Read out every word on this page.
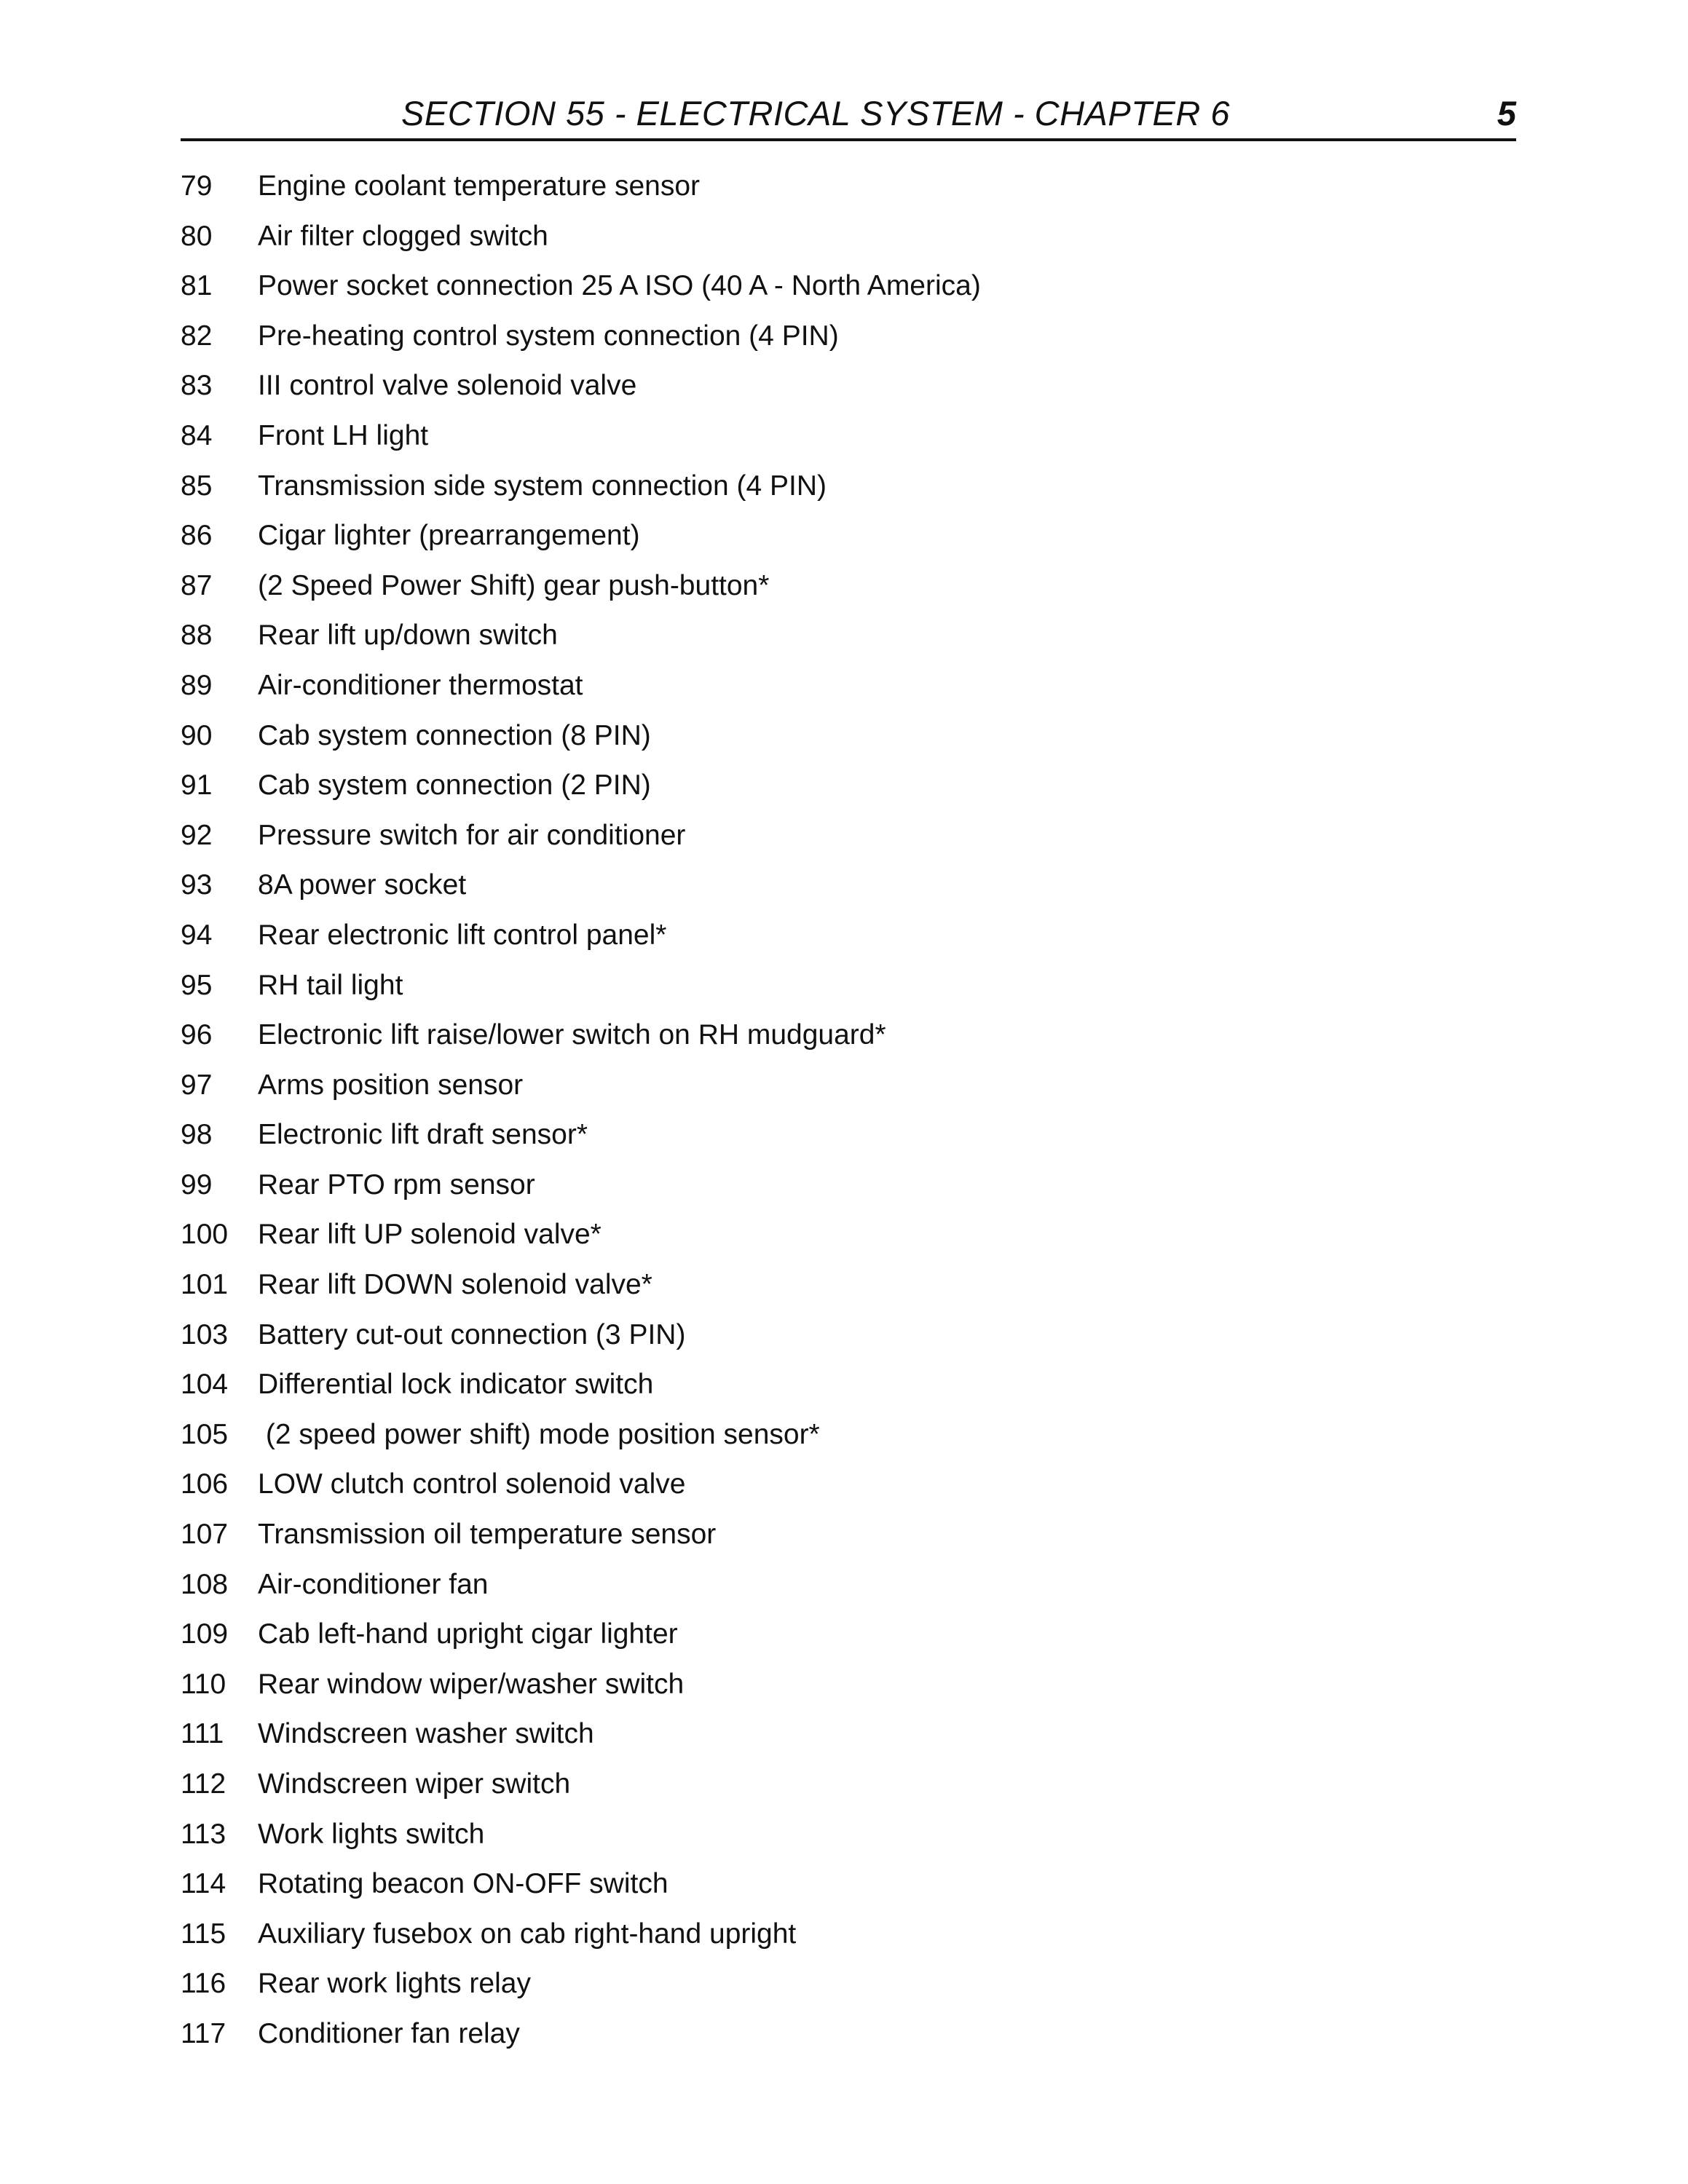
SECTION 55 - ELECTRICAL SYSTEM - CHAPTER 6	5
79	Engine coolant temperature sensor
80	Air filter clogged switch
81	Power socket connection 25 A ISO (40 A - North America)
82	Pre-heating control system connection (4 PIN)
83	III control valve solenoid valve
84	Front LH light
85	Transmission side system connection (4 PIN)
86	Cigar lighter (prearrangement)
87	(2 Speed Power Shift) gear push-button*
88	Rear lift up/down switch
89	Air-conditioner thermostat
90	Cab system connection (8 PIN)
91	Cab system connection (2 PIN)
92	Pressure switch for air conditioner
93	8A power socket
94	Rear electronic lift control panel*
95	RH tail light
96	Electronic lift raise/lower switch on RH mudguard*
97	Arms position sensor
98	Electronic lift draft sensor*
99	Rear PTO rpm sensor
100	Rear lift UP solenoid valve*
101	Rear lift DOWN solenoid valve*
103	Battery cut-out connection (3 PIN)
104	Differential lock indicator switch
105	(2 speed power shift) mode position sensor*
106	LOW clutch control solenoid valve
107	Transmission oil temperature sensor
108	Air-conditioner fan
109	Cab left-hand upright cigar lighter
110	Rear window wiper/washer switch
111	Windscreen washer switch
112	Windscreen wiper switch
113	Work lights switch
114	Rotating beacon ON-OFF switch
115	Auxiliary fusebox on cab right-hand upright
116	Rear work lights relay
117	Conditioner fan relay
